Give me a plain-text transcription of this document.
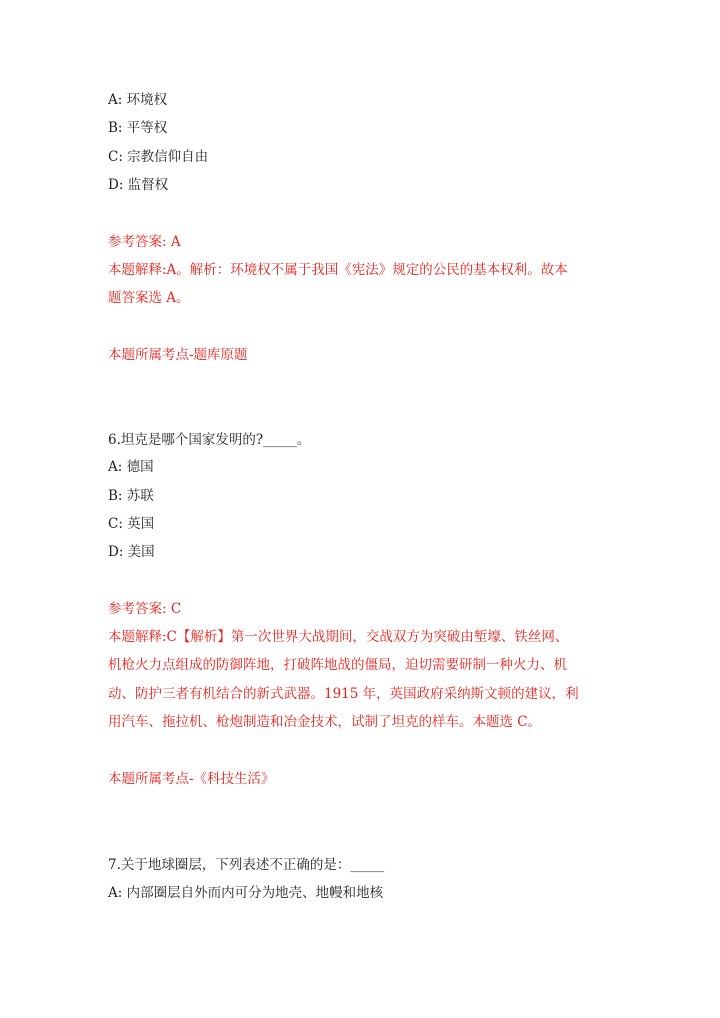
A: 环境权
B: 平等权
C: 宗教信仰自由
D: 监督权
参考答案: A
本题解释:A。解析：环境权不属于我国《宪法》规定的公民的基本权利。故本
题答案选 A。
本题所属考点-题库原题
6.坦克是哪个国家发明的?_____。
A: 德国
B: 苏联
C: 英国
D: 美国
参考答案: C
本题解释:C【解析】第一次世界大战期间，交战双方为突破由堑壕、铁丝网、
机枪火力点组成的防御阵地，打破阵地战的僵局，迫切需要研制一种火力、机
动、防护三者有机结合的新式武器。1915 年，英国政府采纳斯文顿的建议，利
用汽车、拖拉机、枪炮制造和冶金技术，试制了坦克的样车。本题选 C。
本题所属考点-《科技生活》
7.关于地球圈层，下列表述不正确的是：_____
A: 内部圈层自外而内可分为地壳、地幔和地核
